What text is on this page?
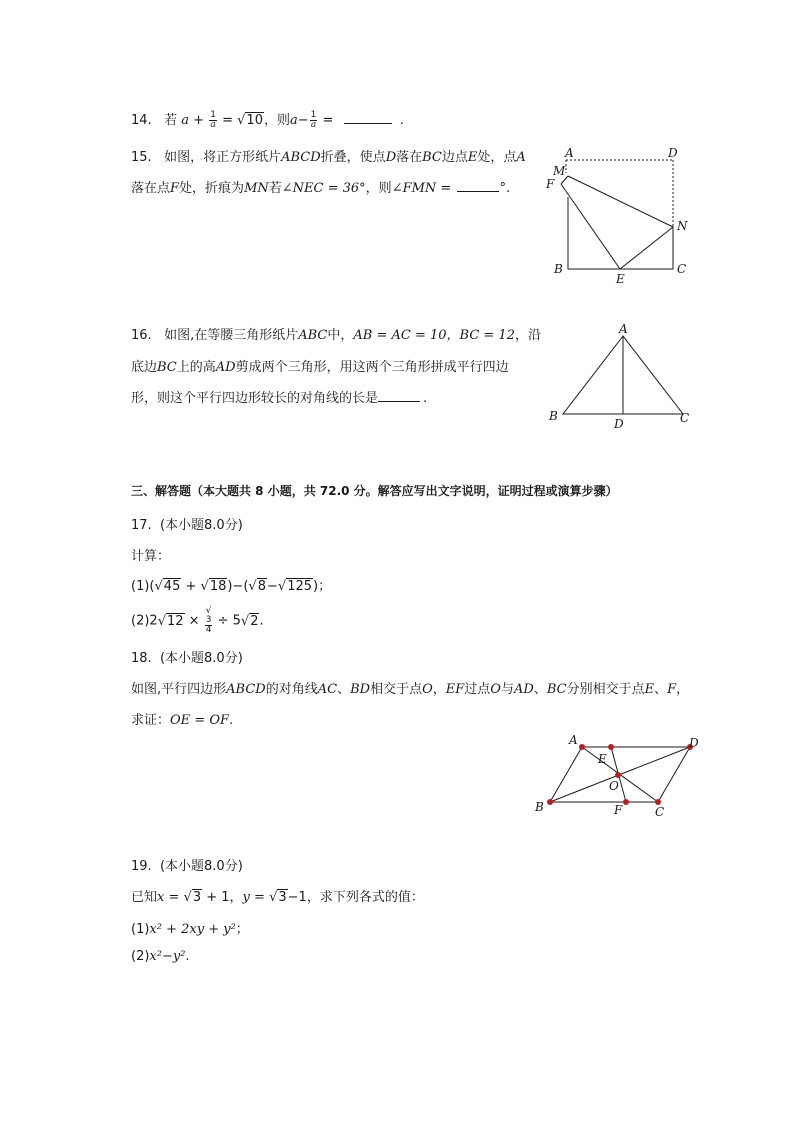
14. 若 $a + \frac{1}{a} = √10$，则$a- \frac{1}{a}$ =	.
15. 如图，将正方形纸片ABCD折叠，使点D落在BC边点E处，点A
落在点F处，折痕为MN若∠NEC = 36°，则∠FMN =	°.
A	D
M
F
N
B
E
C
16. 如图,在等腰三角形纸片ABC中，AB = AC = 10，BC = 12，沿
底边BC上的高AD剪成两个三角形，用这两个三角形拼成平行四边
形，则这个平行四边形较长的对角线的长是	.
A
B
D	C
三、解答题（本大题共 8 小题，共 72.0 分。解答应写出文字说明，证明过程或演算步骤）
17. (本小题8.0分)
计算：
(1)(√45 + √18)−(√8−√125)；
(2)2√12 × √
3
4 ÷ 5√2.
18. (本小题8.0分)
如图,平行四边形ABCD的对角线AC、BD相交于点O，EF过点O与AD、BC分别相交于点E、F，
求证：OE = OF.
A	D
E
O
B	F	C
19. (本小题8.0分)
已知x = √3 + 1，y = √3−1，求下列各式的值：
(1)x² + 2xy + y²；
(2)x²−y².
